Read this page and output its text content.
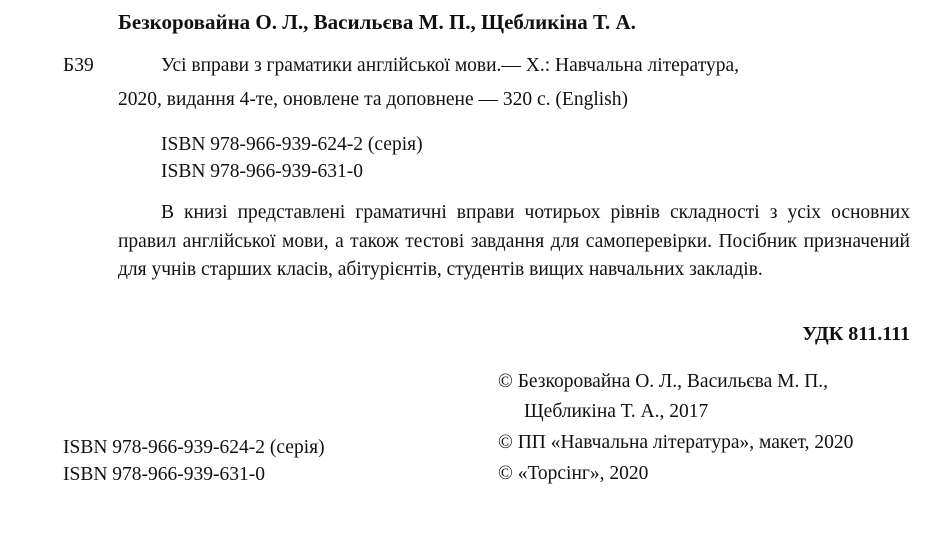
Безкоровайна О. Л., Васильєва М. П., Щебликіна Т. А.
Б39	Усі вправи з граматики англійської мови.— Х.: Навчальна література,
2020, видання 4-те, оновлене та доповнене — 320 с. (English)
ISBN 978-966-939-624-2 (серія)
ISBN 978-966-939-631-0

В книзі представлені граматичні вправи чотирьох рівнів складності з усіх основних правил англійської мови, а також тестові завдання для самоперевірки. Посібник призначений для учнів старших класів, абітурієнтів, студентів вищих навчальних закладів.

УДК 811.111
© Безкоровайна О. Л., Васильєва М. П.,
Щебликіна Т. А., 2017
© ПП «Навчальна література», макет, 2020
© «Торсінг», 2020
ISBN 978-966-939-624-2 (серія)
ISBN 978-966-939-631-0
